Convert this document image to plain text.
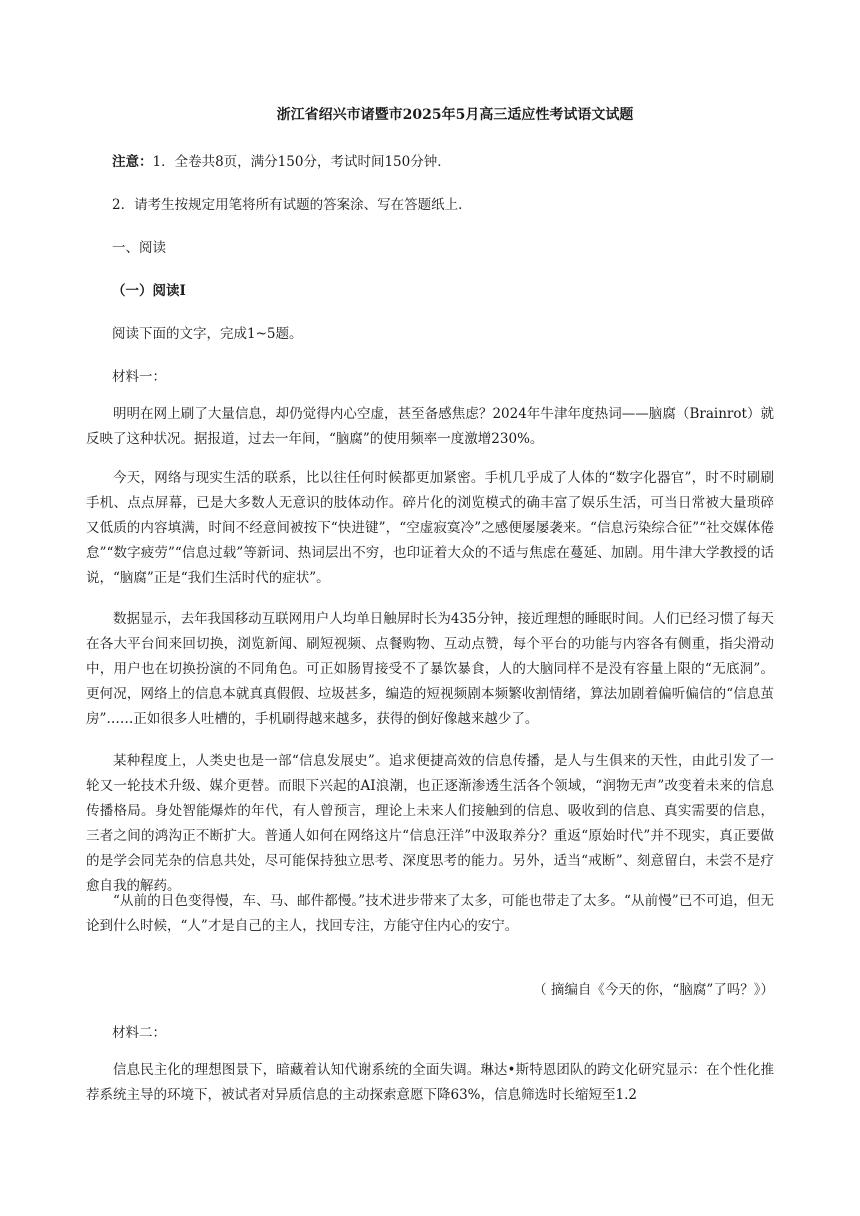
浙江省绍兴市诸暨市2025年5月高三适应性考试语文试题
注意：1．全卷共8页，满分150分，考试时间150分钟．
2．请考生按规定用笔将所有试题的答案涂、写在答题纸上．
一、阅读
（一）阅读Ⅰ
阅读下面的文字，完成1~5题。
材料一：

明明在网上刷了大量信息，却仍觉得内心空虚，甚至备感焦虑？2024年牛津年度热词——脑腐（Brainrot）就反映了这种状况。据报道，过去一年间，“脑腐”的使用频率一度激增230%。

今天，网络与现实生活的联系，比以往任何时候都更加紧密。手机几乎成了人体的“数字化器官”，时不时刷刷手机、点点屏幕，已是大多数人无意识的肢体动作。碎片化的浏览模式的确丰富了娱乐生活，可当日常被大量琐碎又低质的内容填满，时间不经意间被按下“快进键”，“空虚寂寞冷”之感便屡屡袭来。“信息污染综合征”“社交媒体倦怠”“数字疲劳”“信息过载”等新词、热词层出不穷，也印证着大众的不适与焦虑在蔓延、加剧。用牛津大学教授的话说，“脑腐”正是“我们生活时代的症状”。

数据显示，去年我国移动互联网用户人均单日触屏时长为435分钟，接近理想的睡眠时间。人们已经习惯了每天在各大平台间来回切换，浏览新闻、刷短视频、点餐购物、互动点赞，每个平台的功能与内容各有侧重，指尖滑动中，用户也在切换扮演的不同角色。可正如肠胃接受不了暴饮暴食，人的大脑同样不是没有容量上限的“无底洞”。更何况，网络上的信息本就真真假假、垃圾甚多，编造的短视频剧本频繁收割情绪，算法加剧着偏听偏信的“信息茧房”……正如很多人吐槽的，手机刷得越来越多，获得的倒好像越来越少了。

某种程度上，人类史也是一部“信息发展史”。追求便捷高效的信息传播，是人与生俱来的天性，由此引发了一轮又一轮技术升级、媒介更替。而眼下兴起的AI浪潮，也正逐渐渗透生活各个领域，“润物无声”改变着未来的信息传播格局。身处智能爆炸的年代，有人曾预言，理论上未来人们接触到的信息、吸收到的信息、真实需要的信息，三者之间的鸿沟正不断扩大。普通人如何在网络这片“信息汪洋”中汲取养分？重返“原始时代”并不现实，真正要做的是学会同芜杂的信息共处，尽可能保持独立思考、深度思考的能力。另外，适当“戒断”、刻意留白，未尝不是疗愈自我的解药。

“从前的日色变得慢，车、马、邮件都慢。”技术进步带来了太多，可能也带走了太多。“从前慢”已不可追，但无论到什么时候，“人”才是自己的主人，找回专注，方能守住内心的安宁。

（ 摘编自《今天的你，“脑腐”了吗？》）
材料二：

信息民主化的理想图景下，暗藏着认知代谢系统的全面失调。琳达•斯特恩团队的跨文化研究显示：在个性化推荐系统主导的环境下，被试者对异质信息的主动探索意愿下降63%，信息筛选时长缩短至1.2
